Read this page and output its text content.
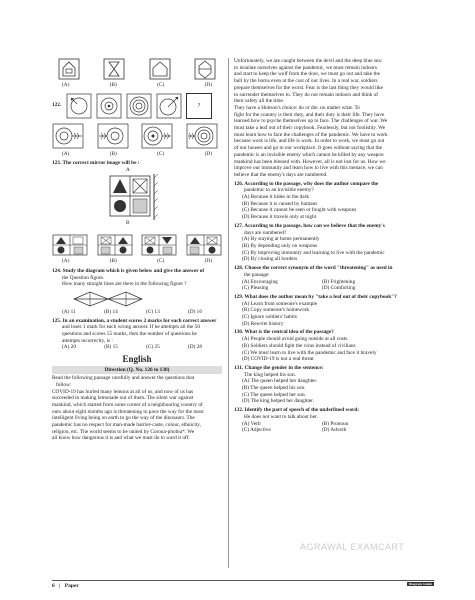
(A)	(B)	(C)	(D)
122.	?
(A)	(B)	(C)	(D)
123. The correct mirror image will be :
A
B
(A)	(B)	(C)	(D)
124. Study the diagram which is given below and give the answer of
the Question figure.
How many straight lines are there in the following figure ?
(A) 11	(B) 14	(C) 13	(D) 16
125. In an examination, a student scores 2 marks for each correct answer
and loses 1 mark for each wrong answer. If he attempts all the 50
questions and scores 55 marks, then the number of questions he
attempts incorrectly, is :
(A) 20	(B) 15	(C) 25	(D) 28
English
Direction (Q. No. 126 to 130)
Read the following passage carefully and answer the questions that
follow:
COVID-19 has hurled many lemons at all of us, and now of us has
succeeded in making lemonade out of them. The silent war against
mankind, which started from some corner of a neighbouring country of
ours about eight months ago is threatening to pave the way for the most
intelligent living being on earth to go the way of the dinosaurs. The
pandemic has no respect for man-made barrier-caste, colour, ethnicity,
religion, etc. The world seems to be united by Corona-phobia*. We
all know how dangerous it is and what we must do to ward it off.
Unfortunately, we are caught between the devil and the deep blue sea:
to insulate ourselves against the pandemic, we must remain indoors
and start to keep the wolf from the door, we must go out and take the
bull by the horns even at the cost of our lives. In a real war, soldiers
prepare themselves for the worst. Fear is the last thing they would like
to surrender themselves to. They do not remain indoors and think of
their safety all the time.
They have a Hobson's choice: do or die, no matter what. To
fight for the country is their duty, and their duty is their life. They have
learned how to psyche themselves up to face. The challenges of war. We
must take a leaf out of their copybook. Fearlessly, but not foolishly. We
must learn how to face the challenges of the pandemic. We have to work
because work is life, and life is work. In order to work, we must go out
of our houses and go to our workplace. It goes without saying that the
pandemic is an invisible enemy which cannot be killed by any weapon
mankind has been blessed with. However, all is not lost for us. How we
improve our immunity and learn how to live with this menace, we can
believe that the enemy's days are numbered.
126. According to the passage, why does the author compare the
pandemic to an invisible enemy?
(A) Because it hides in the dark
(B) Because it is caused by humans
(C) Because it cannot be seen or fought with weapons
(D) Because it travels only at night
127. According to the passage, how can we believe that the enemy's
days are numbered?
(A) By staying at home permanently
(B) By depending only on weapons
(C) By improving immunity and learning to live with the pandemic
(D) By closing all borders
128. Choose the correct synonym of the word "threatening" as used in
the passage:
(A) Encouraging	(B) Frightening
(C) Pleasing	(D) Comforting
129. What does the author mean by "take a leaf out of their copybook"?
(A) Learn from someone's example
(B) Copy someone's homework
(C) Ignore soldiers' habits
(D) Rewrite history
130. What is the central idea of the passage?
(A) People should avoid going outside at all costs
(B) Soldiers should fight the virus instead of civilians
(C) We must learn to live with the pandemic and face it bravely
(D) COVID-19 is not a real threat
131. Change the gender in the sentence:
The king helped his son.
(A) The queen helped her daughter.
(B) The queen helped his son.
(C) The queen helped her son.
(D) The king helped her daughter.
132. Identify the part of speech of the underlined word:
He does not want to talk about her.
(A) Verb	(B) Pronoun
(C) Adjective	(D) Adverb
AGRAWAL EXAMCART
6 | Paper	Diagram Guide
